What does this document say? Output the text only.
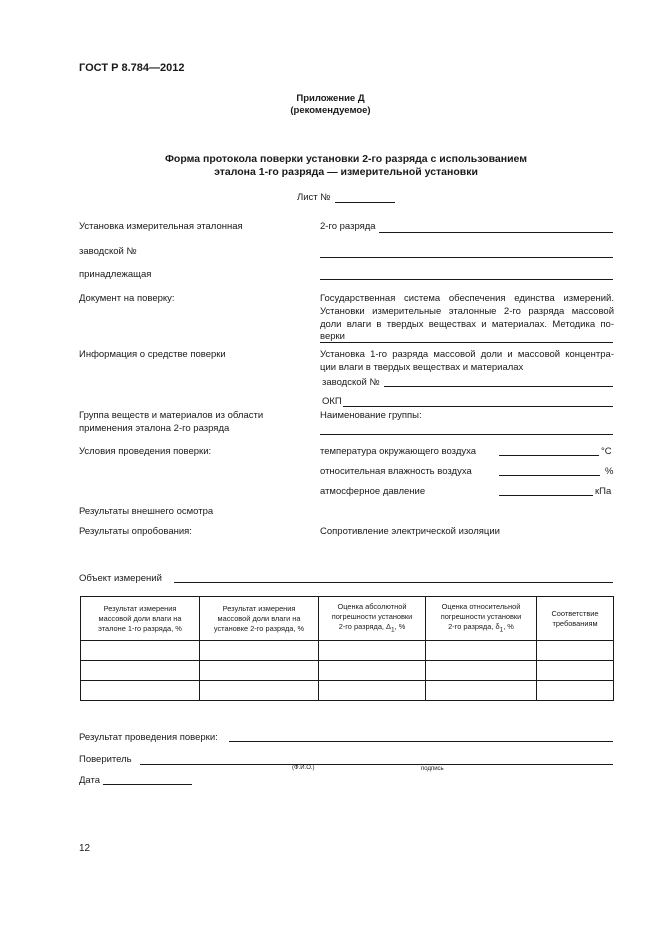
ГОСТ Р 8.784—2012
Приложение Д
(рекомендуемое)
Форма протокола поверки установки 2-го разряда с использованием
эталона 1-го разряда — измерительной установки
Лист №
Установка измерительная эталонная	2-го разряда
заводской №
принадлежащая
Документ на поверку:	Государственная система обеспечения единства измерений.
Установки измерительные эталонные 2-го разряда массовой
доли влаги в твердых веществах и материалах. Методика по-
верки
Информация о средстве поверки	Установка 1-го разряда массовой доли и массовой концентра-
ции влаги в твердых веществах и материалах
заводской №
ОКП
Группа веществ и материалов из области
применения эталона 2-го разряда
Наименование группы:
Условия проведения поверки:	температура окружающего воздуха	°С
относительная влажность воздуха	%
атмосферное давление	кПа
Результаты внешнего осмотра
Результаты опробования:	Сопротивление электрической изоляции
Объект измерений
Результат измерения
массовой доли влаги на
эталоне 1-го разряда, %	Результат измерения
массовой доли влаги на
установке 2-го разряда, %	Оценка абсолютной
погрешности установки
2-го разряда, $\Delta_1$, %	Оценка относительной
погрешности установки
2-го разряда, $\delta_1$, %	Соответствие
требованиям

Результат проведения поверки:
Поверитель
(Ф.И.О.)	подпись
Дата
12
